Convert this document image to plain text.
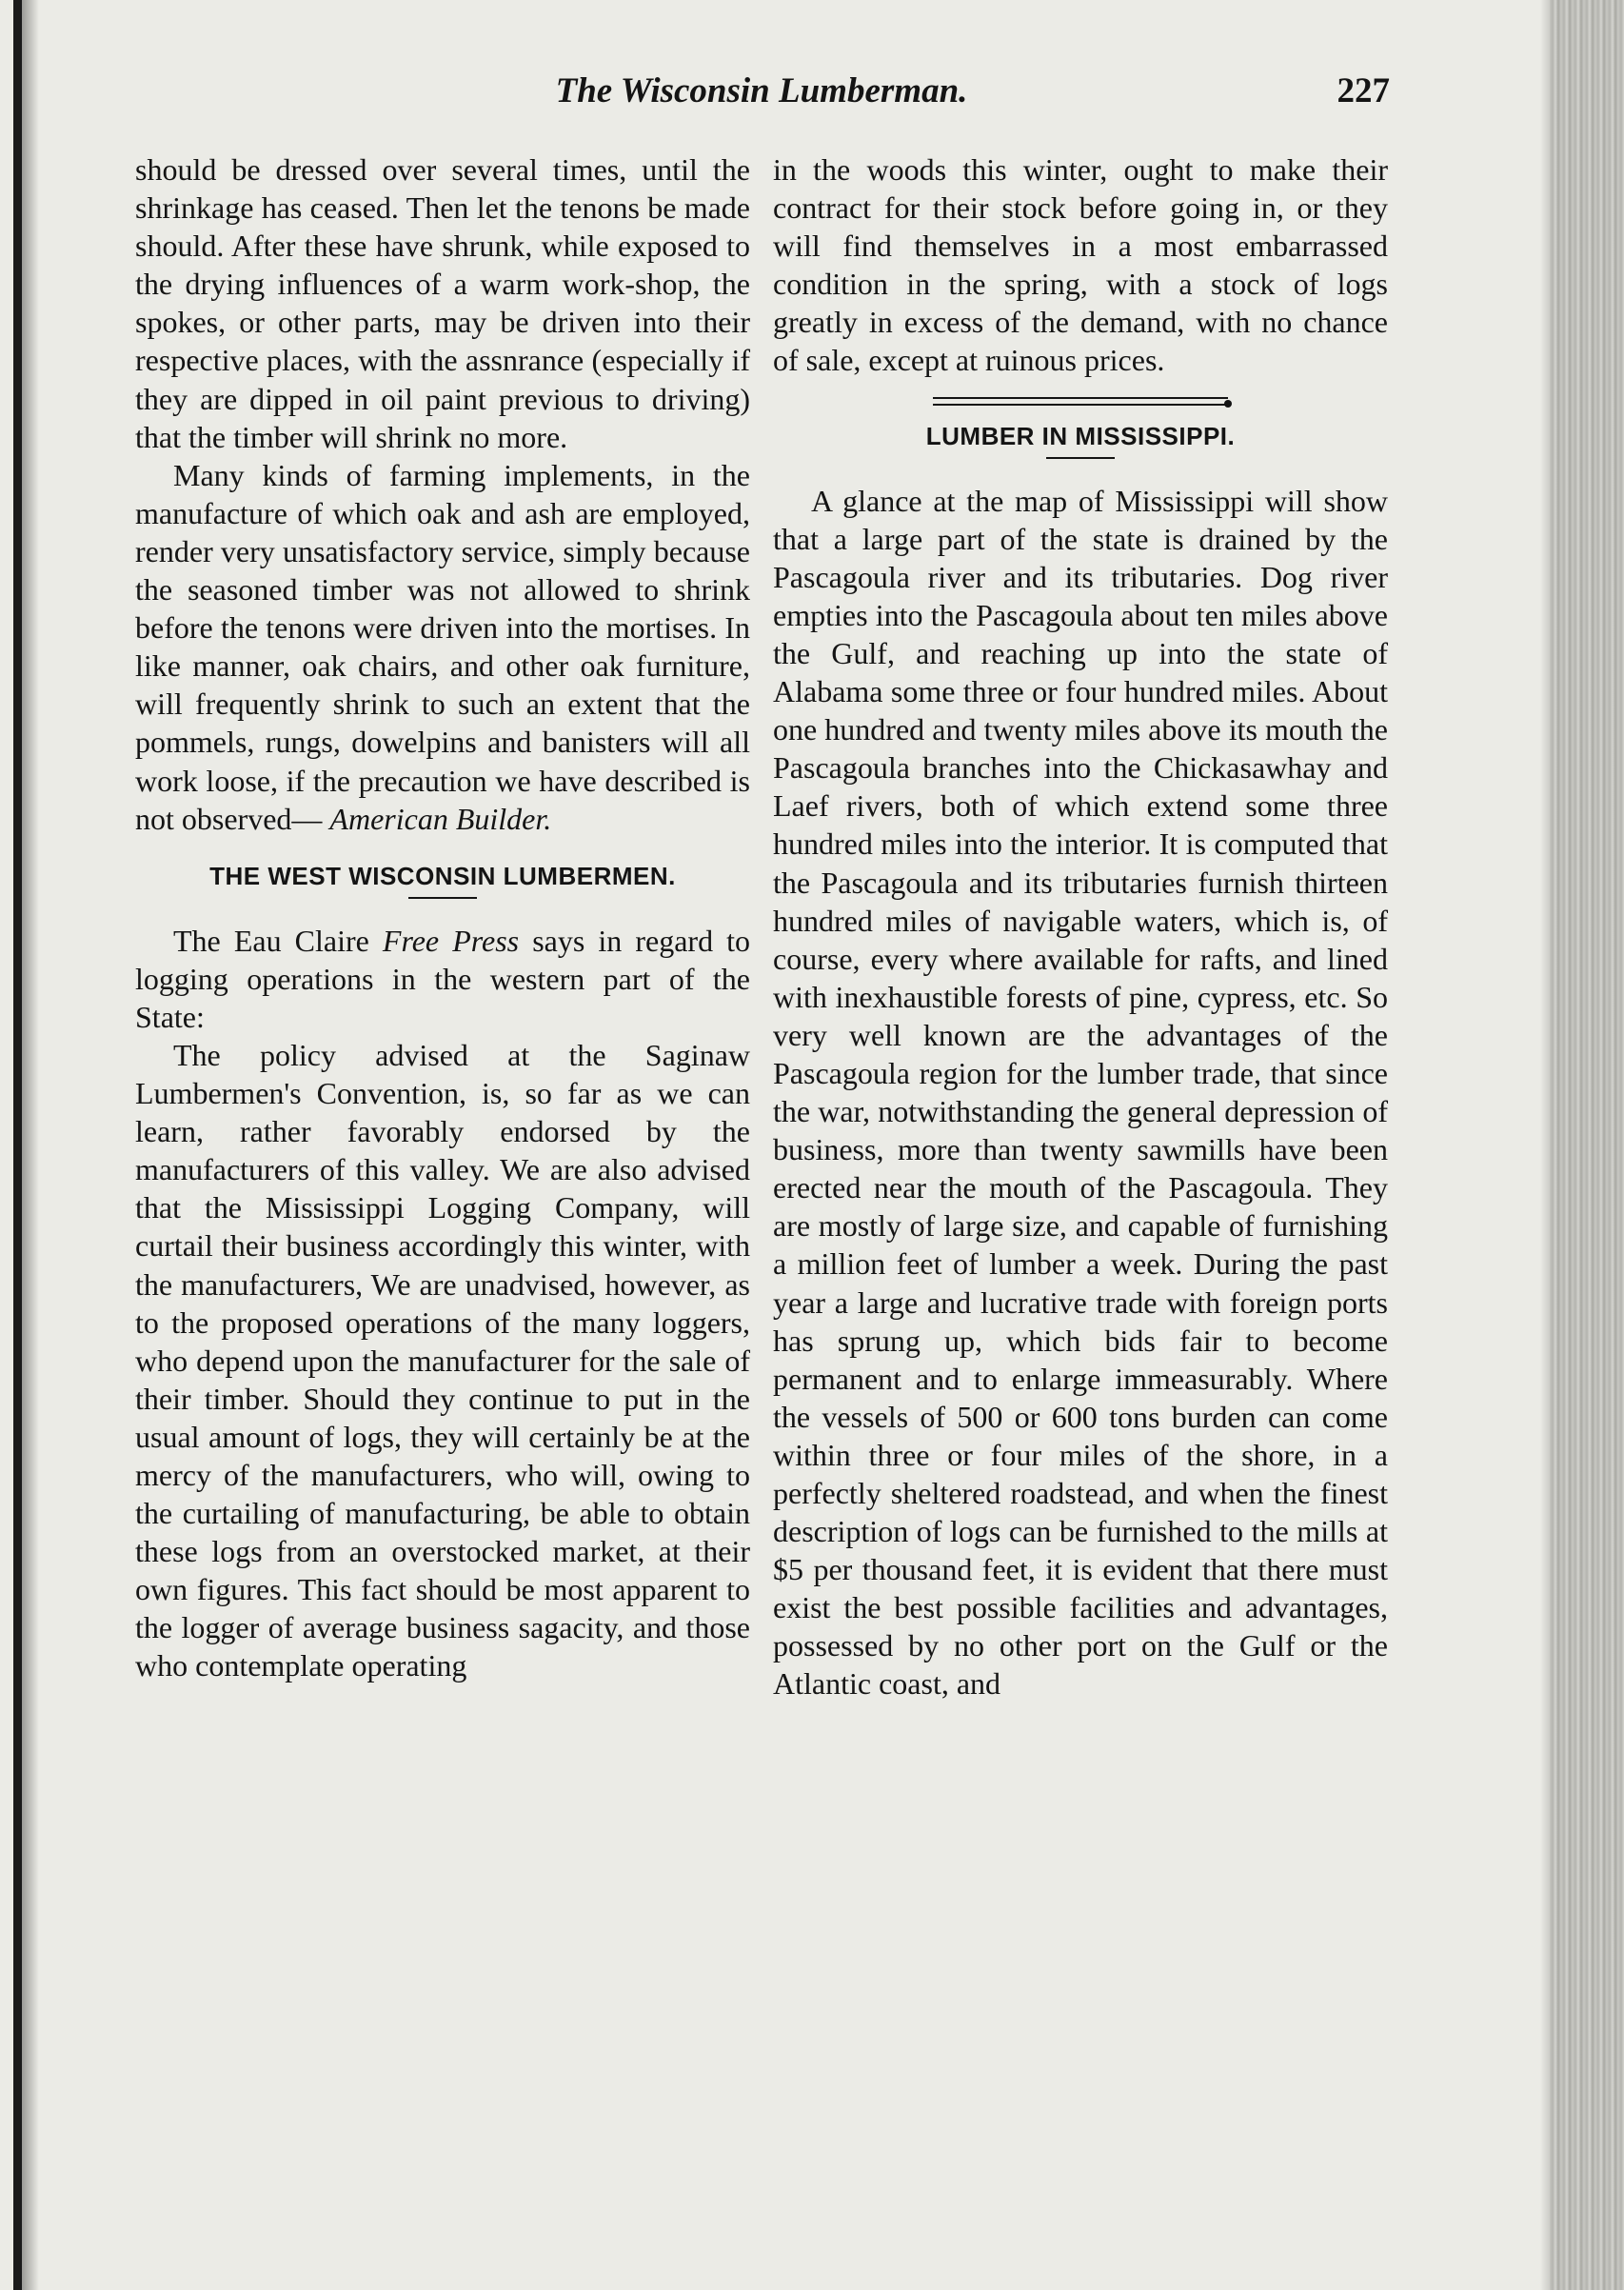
The Wisconsin Lumberman.	227

should be dressed over several times, until the shrinkage has ceased. Then let the tenons be made should. After these have shrunk, while exposed to the drying influences of a warm work-shop, the spokes, or other parts, may be driven into their respective places, with the assnrance (especially if they are dipped in oil paint previous to driving) that the timber will shrink no more.

Many kinds of farming implements, in the manufacture of which oak and ash are employed, render very unsatisfactory service, simply because the seasoned timber was not allowed to shrink before the tenons were driven into the mortises. In like manner, oak chairs, and other oak furniture, will frequently shrink to such an extent that the pommels, rungs, dowelpins and banisters will all work loose, if the precaution we have described is not observed— American Builder.

THE WEST WISCONSIN LUMBERMEN.

The Eau Claire Free Press says in regard to logging operations in the western part of the State:

The policy advised at the Saginaw Lumbermen's Convention, is, so far as we can learn, rather favorably endorsed by the manufacturers of this valley. We are also advised that the Mississippi Logging Company, will curtail their business accordingly this winter, with the manufacturers, We are unadvised, however, as to the proposed operations of the many loggers, who depend upon the manufacturer for the sale of their timber. Should they continue to put in the usual amount of logs, they will certainly be at the mercy of the manufacturers, who will, owing to the curtailing of manufacturing, be able to obtain these logs from an overstocked market, at their own figures. This fact should be most apparent to the logger of average business sagacity, and those who contemplate operating

in the woods this winter, ought to make their contract for their stock before going in, or they will find themselves in a most embarrassed condition in the spring, with a stock of logs greatly in excess of the demand, with no chance of sale, except at ruinous prices.

LUMBER IN MISSISSIPPI.

A glance at the map of Mississippi will show that a large part of the state is drained by the Pascagoula river and its tributaries. Dog river empties into the Pascagoula about ten miles above the Gulf, and reaching up into the state of Alabama some three or four hundred miles. About one hundred and twenty miles above its mouth the Pascagoula branches into the Chickasawhay and Laef rivers, both of which extend some three hundred miles into the interior. It is computed that the Pascagoula and its tributaries furnish thirteen hundred miles of navigable waters, which is, of course, every where available for rafts, and lined with inexhaustible forests of pine, cypress, etc. So very well known are the advantages of the Pascagoula region for the lumber trade, that since the war, notwithstanding the general depression of business, more than twenty sawmills have been erected near the mouth of the Pascagoula. They are mostly of large size, and capable of furnishing a million feet of lumber a week. During the past year a large and lucrative trade with foreign ports has sprung up, which bids fair to become permanent and to enlarge immeasurably. Where the vessels of 500 or 600 tons burden can come within three or four miles of the shore, in a perfectly sheltered roadstead, and when the finest description of logs can be furnished to the mills at $5 per thousand feet, it is evident that there must exist the best possible facilities and advantages, possessed by no other port on the Gulf or the Atlantic coast, and
